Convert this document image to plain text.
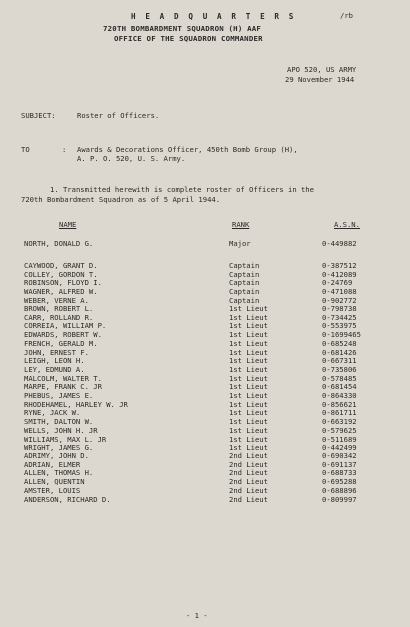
H E A D Q U A R T E R S	/rb
720TH BOMBARDMENT SQUADRON (H) AAF
OFFICE OF THE SQUADRON COMMANDER
APO 520, US ARMY
29 November 1944
SUBJECT:	Roster of Officers.
TO	: Awards & Decorations Officer, 450th Bomb Group (H),
A. P. O. 520, U. S. Army.
1. Transmitted herewith is complete roster of Officers in the
720th Bombardment Squadron as of 5 April 1944.
NAME	RANK	A.S.N.
NORTH, DONALD G.	Major	0-449882
CAYWOOD, GRANT D.	Captain	0-387512
COLLEY, GORDON T.	Captain	0-412089
ROBINSON, FLOYD I.	Captain	0-24769
WAGNER, ALFRED W.	Captain	0-471088
WEBER, VERNE A.	Captain	0-902772
BROWN, ROBERT L.	1st Lieut	0-798738
CARR, ROLLAND R.	1st Lieut	0-734425
CORREIA, WILLIAM P.	1st Lieut	0-553975
EDWARDS, ROBERT W.	1st Lieut	0-1699465
FRENCH, GERALD M.	1st Lieut	0-685248
JOHN, ERNEST F.	1st Lieut	0-681426
LEIGH, LEON H.	1st Lieut	0-667311
LEY, EDMUND A.	1st Lieut	0-735806
MALCOLM, WALTER T.	1st Lieut	0-578485
MARPE, FRANK C. JR	1st Lieut	0-681454
PHEBUS, JAMES E.	1st Lieut	0-864330
RHODEHAMEL, HARLEY W. JR	1st Lieut	0-856621
RYNE, JACK W.	1st Lieut	0-861711
SMITH, DALTON W.	1st Lieut	0-663192
WELLS, JOHN H. JR	1st Lieut	0-579625
WILLIAMS, MAX L. JR	1st Lieut	0-511689
WRIGHT, JAMES G.	1st Lieut	0-442499
ADRIMY, JOHN D.	2nd Lieut	0-690342
ADRIAN, ELMER	2nd Lieut	0-691137
ALLEN, THOMAS H.	2nd Lieut	0-688733
ALLEN, QUENTIN	2nd Lieut	0-695288
AMSTER, LOUIS	2nd Lieut	0-688896
ANDERSON, RICHARD D.	2nd Lieut	0-809997
- 1 -
